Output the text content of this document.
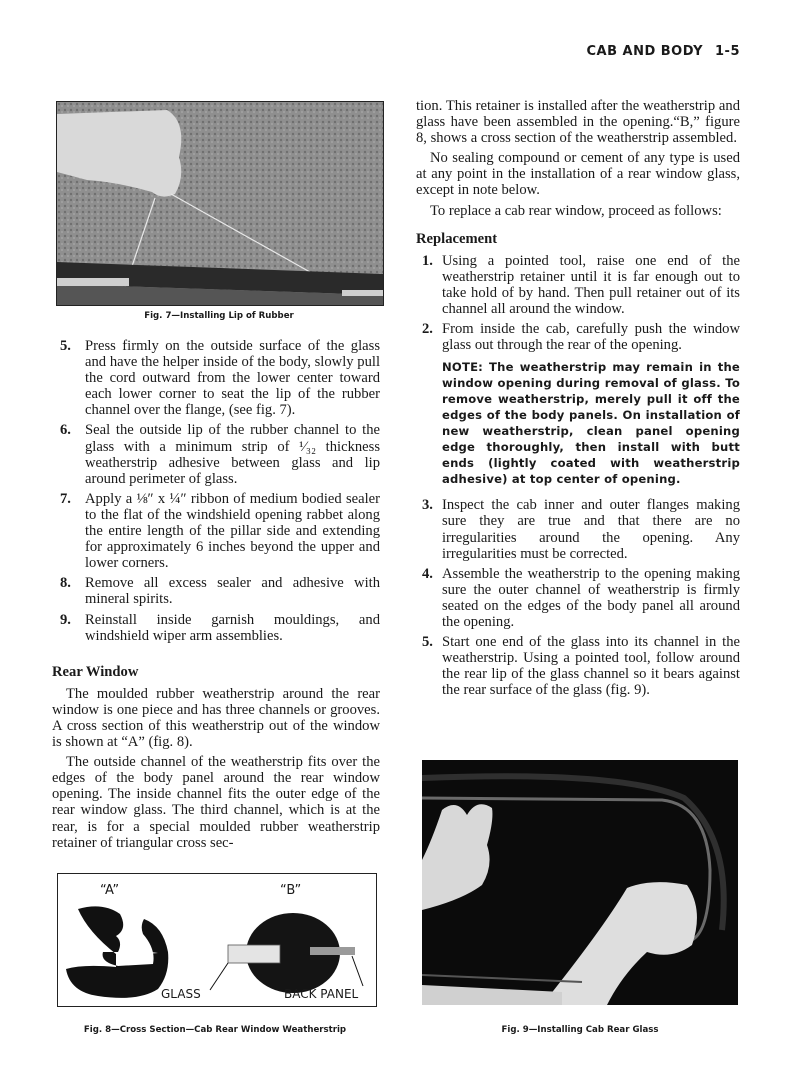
CAB AND BODY 1-5
Fig. 7—Installing Lip of Rubber
5. Press firmly on the outside surface of the glass and have the helper inside of the body, slowly pull the cord outward from the lower center toward each lower corner to seat the lip of the rubber channel over the flange, (see fig. 7).
6. Seal the outside lip of the rubber channel to the glass with a minimum strip of ¹⁄₃₂ thickness weatherstrip adhesive between glass and lip around perimeter of glass.
7. Apply a ⅛″ x ¼″ ribbon of medium bodied sealer to the flat of the windshield opening rabbet along the entire length of the pillar side and extending for approximately 6 inches beyond the upper and lower corners.
8. Remove all excess sealer and adhesive with mineral spirits.
9. Reinstall inside garnish mouldings, and windshield wiper arm assemblies.
Rear Window

The moulded rubber weatherstrip around the rear window is one piece and has three channels or grooves. A cross section of this weatherstrip out of the window is shown at “A” (fig. 8).

The outside channel of the weatherstrip fits over the edges of the body panel around the rear window opening. The inside channel fits the outer edge of the rear window glass. The third channel, which is at the rear, is for a special moulded rubber weatherstrip retainer of triangular cross sec-

“A”	“B”
GLASS	BACK PANEL
Fig. 8—Cross Section—Cab Rear Window Weatherstrip

tion. This retainer is installed after the weatherstrip and glass have been assembled in the opening.“B,” figure 8, shows a cross section of the weatherstrip assembled.

No sealing compound or cement of any type is used at any point in the installation of a rear window glass, except in note below.

To replace a cab rear window, proceed as follows:

Replacement
1. Using a pointed tool, raise one end of the weatherstrip retainer until it is far enough out to take hold of by hand. Then pull retainer out of its channel all around the window.
2. From inside the cab, carefully push the window glass out through the rear of the opening.
NOTE: The weatherstrip may remain in the window opening during removal of glass. To remove weatherstrip, merely pull it off the edges of the body panels. On installation of new weatherstrip, clean panel opening edge thoroughly, then install with butt ends (lightly coated with weatherstrip adhesive) at top center of opening.
3. Inspect the cab inner and outer flanges making sure they are true and that there are no irregularities around the opening. Any irregularities must be corrected.
4. Assemble the weatherstrip to the opening making sure the outer channel of weatherstrip is firmly seated on the edges of the body panel all around the opening.
5. Start one end of the glass into its channel in the weatherstrip. Using a pointed tool, follow around the rear lip of the glass channel so it bears against the rear surface of the glass (fig. 9).
Fig. 9—Installing Cab Rear Glass
